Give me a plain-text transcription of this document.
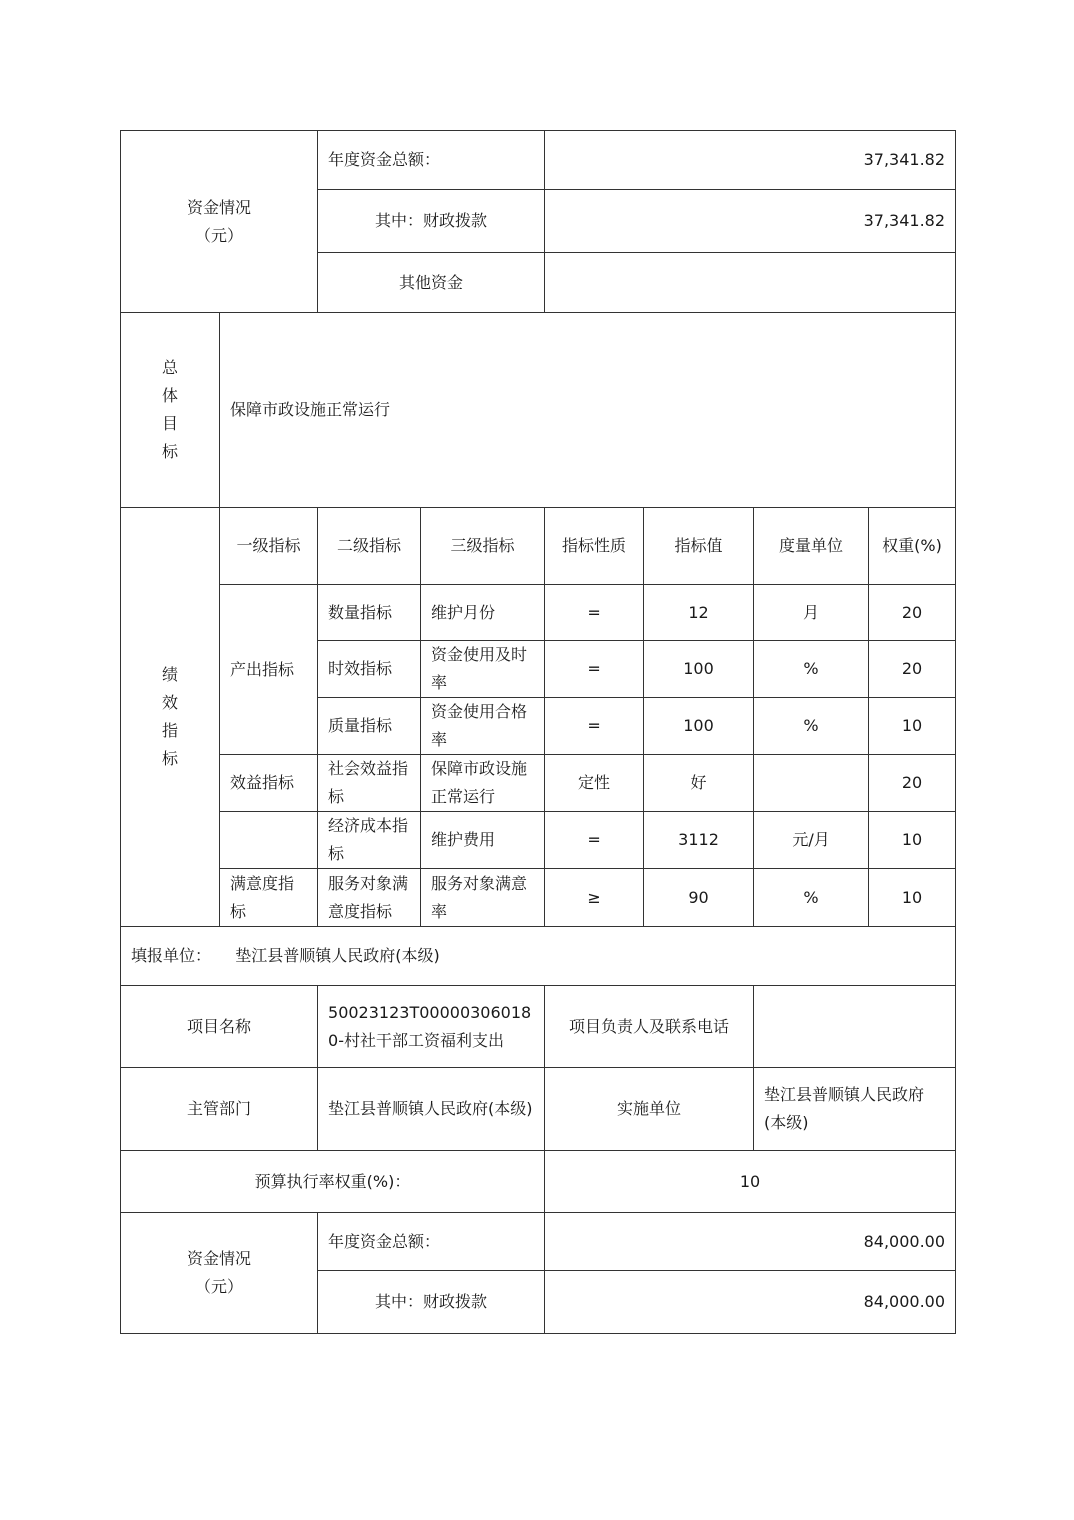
资金情况
（元）		年度资金总额：		37,341.82			
		其中：财政拨款		37,341.82			
		其他资金					

总
体
目
标	保障市政设施正常运行						

绩
效
指
标	一级指标	二级指标	三级指标	指标性质	指标值	度量单位	权重(%)
	产出指标	数量指标	维护月份	=	12	月	20
		时效指标	资金使用及时率	=	100	%	20
		质量指标	资金使用合格率	=	100	%	10
	效益指标	社会效益指标	保障市政设施正常运行	定性	好		20
		经济成本指标	维护费用	=	3112	元/月	10
	满意度指标	服务对象满意度指标	服务对象满意率	≥	90	%	10
填报单位： 垫江县普顺镇人民政府(本级)							
项目名称		50023123T000003060180-村社干部工资福利支出		项目负责人及联系电话			
主管部门		垫江县普顺镇人民政府(本级)		实施单位		垫江县普顺镇人民政府(本级)	
预算执行率权重(%)：				10			

资金情况
（元）		年度资金总额：		84,000.00			
		其中：财政拨款		84,000.00			
